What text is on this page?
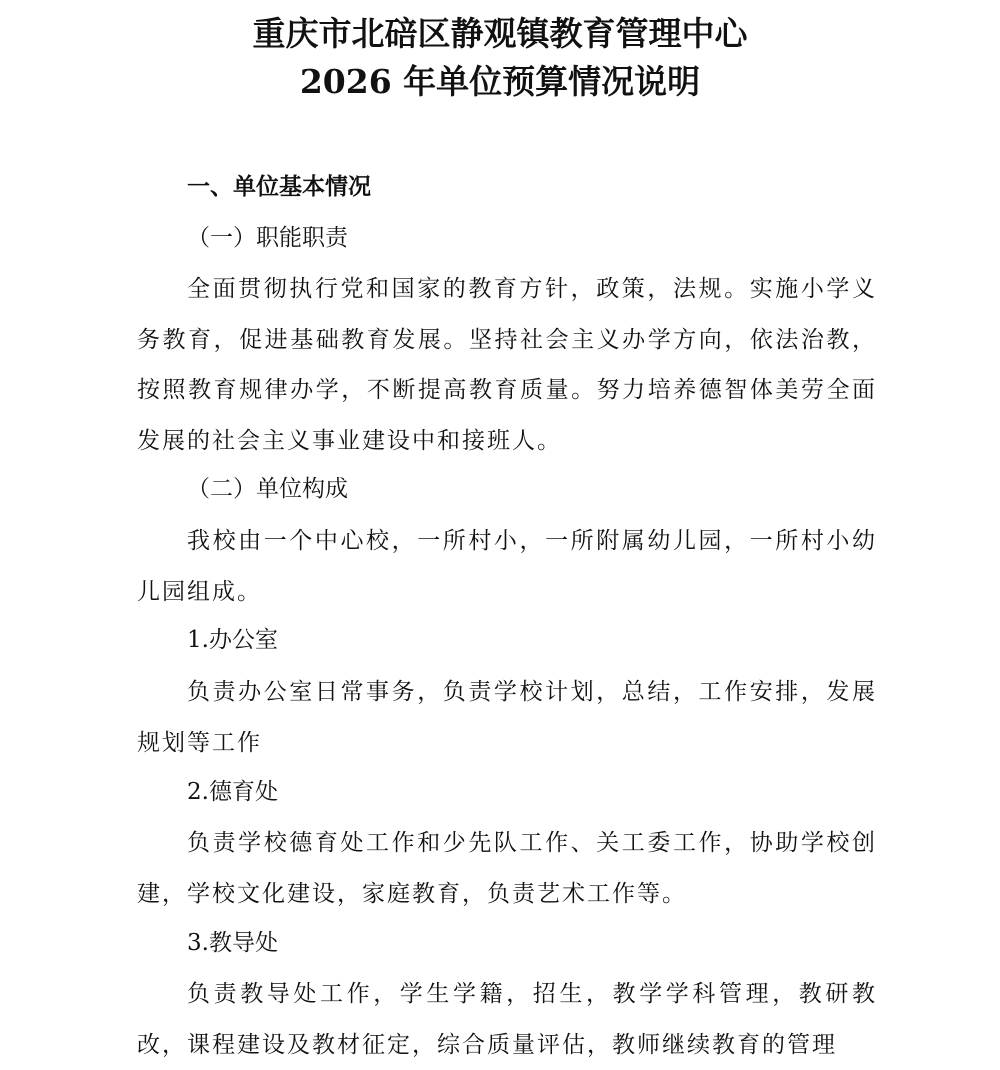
重庆市北碚区静观镇教育管理中心
2026 年单位预算情况说明
一、单位基本情况
（一）职能职责
全面贯彻执行党和国家的教育方针，政策，法规。实施小学义务教育，促进基础教育发展。坚持社会主义办学方向，依法治教，按照教育规律办学，不断提高教育质量。努力培养德智体美劳全面发展的社会主义事业建设中和接班人。
（二）单位构成
我校由一个中心校，一所村小，一所附属幼儿园，一所村小幼儿园组成。
1.办公室
负责办公室日常事务，负责学校计划，总结，工作安排，发展规划等工作
2.德育处
负责学校德育处工作和少先队工作、关工委工作，协助学校创建，学校文化建设，家庭教育，负责艺术工作等。
3.教导处
负责教导处工作，学生学籍，招生，教学学科管理，教研教改，课程建设及教材征定，综合质量评估，教师继续教育的管理
